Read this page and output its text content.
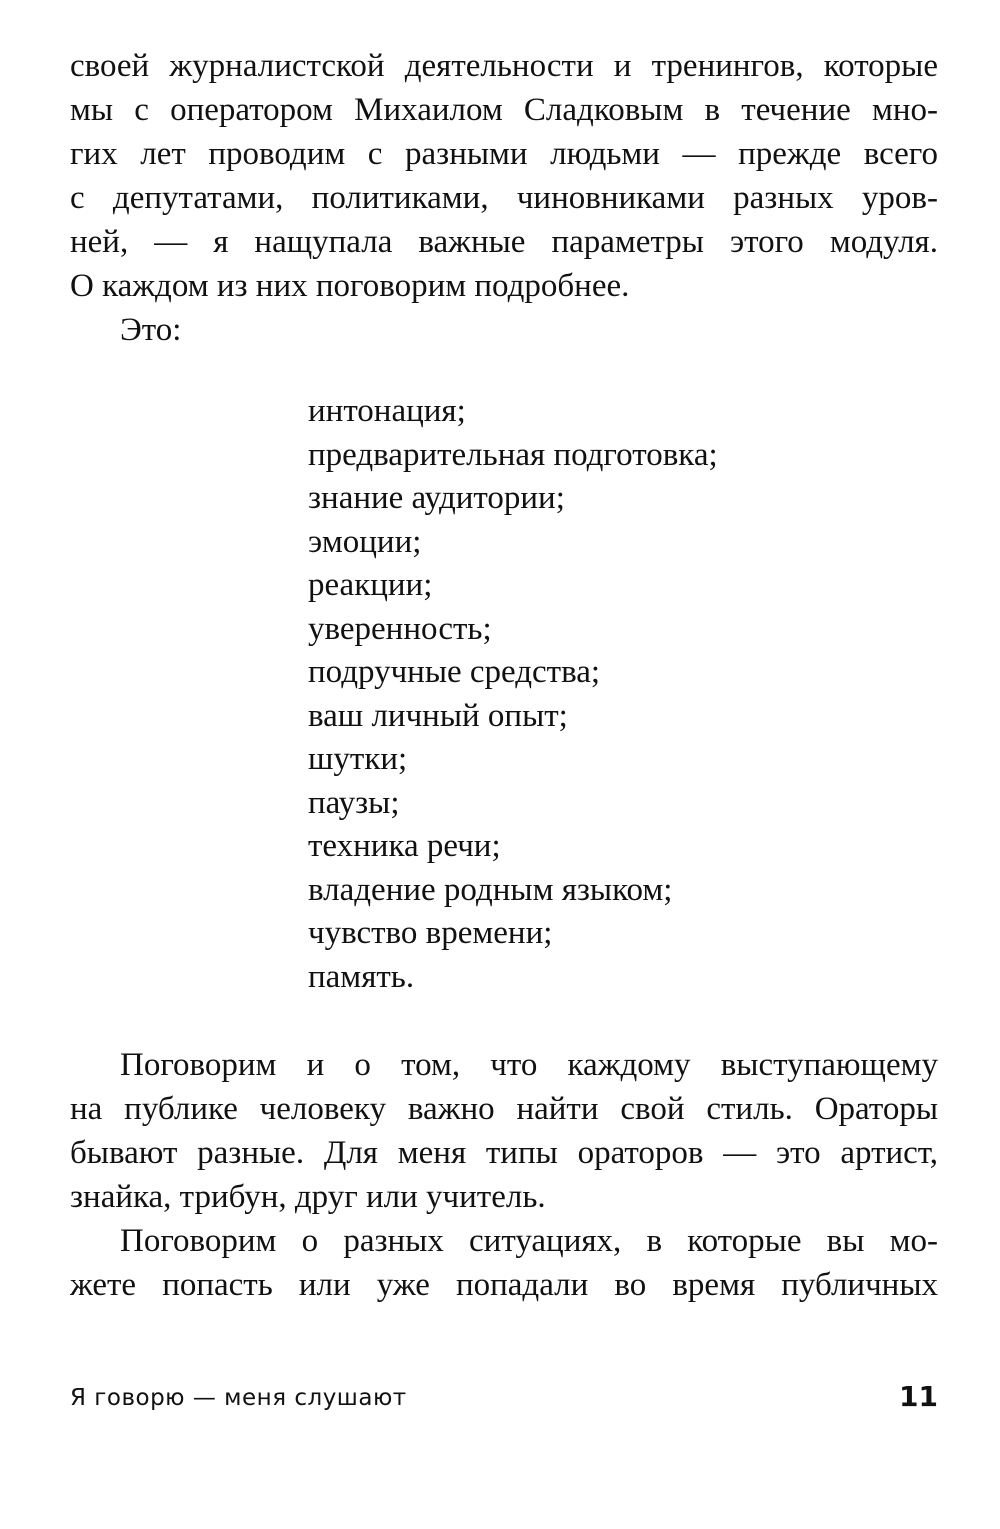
своей журналистской деятельности и тренингов, которые
мы с оператором Михаилом Сладковым в течение мно-
гих лет проводим с разными людьми — прежде всего
с депутатами, политиками, чиновниками разных уров-
ней, — я нащупала важные параметры этого модуля.
О каждом из них поговорим подробнее.
Это:
интонация;
предварительная подготовка;
знание аудитории;
эмоции;
реакции;
уверенность;
подручные средства;
ваш личный опыт;
шутки;
паузы;
техника речи;
владение родным языком;
чувство времени;
память.
Поговорим и о том, что каждому выступающему
на публике человеку важно найти свой стиль. Ораторы
бывают разные. Для меня типы ораторов — это артист,
знайка, трибун, друг или учитель.
Поговорим о разных ситуациях, в которые вы мо-
жете попасть или уже попадали во время публичных
Я говорю — меня слушают	11
